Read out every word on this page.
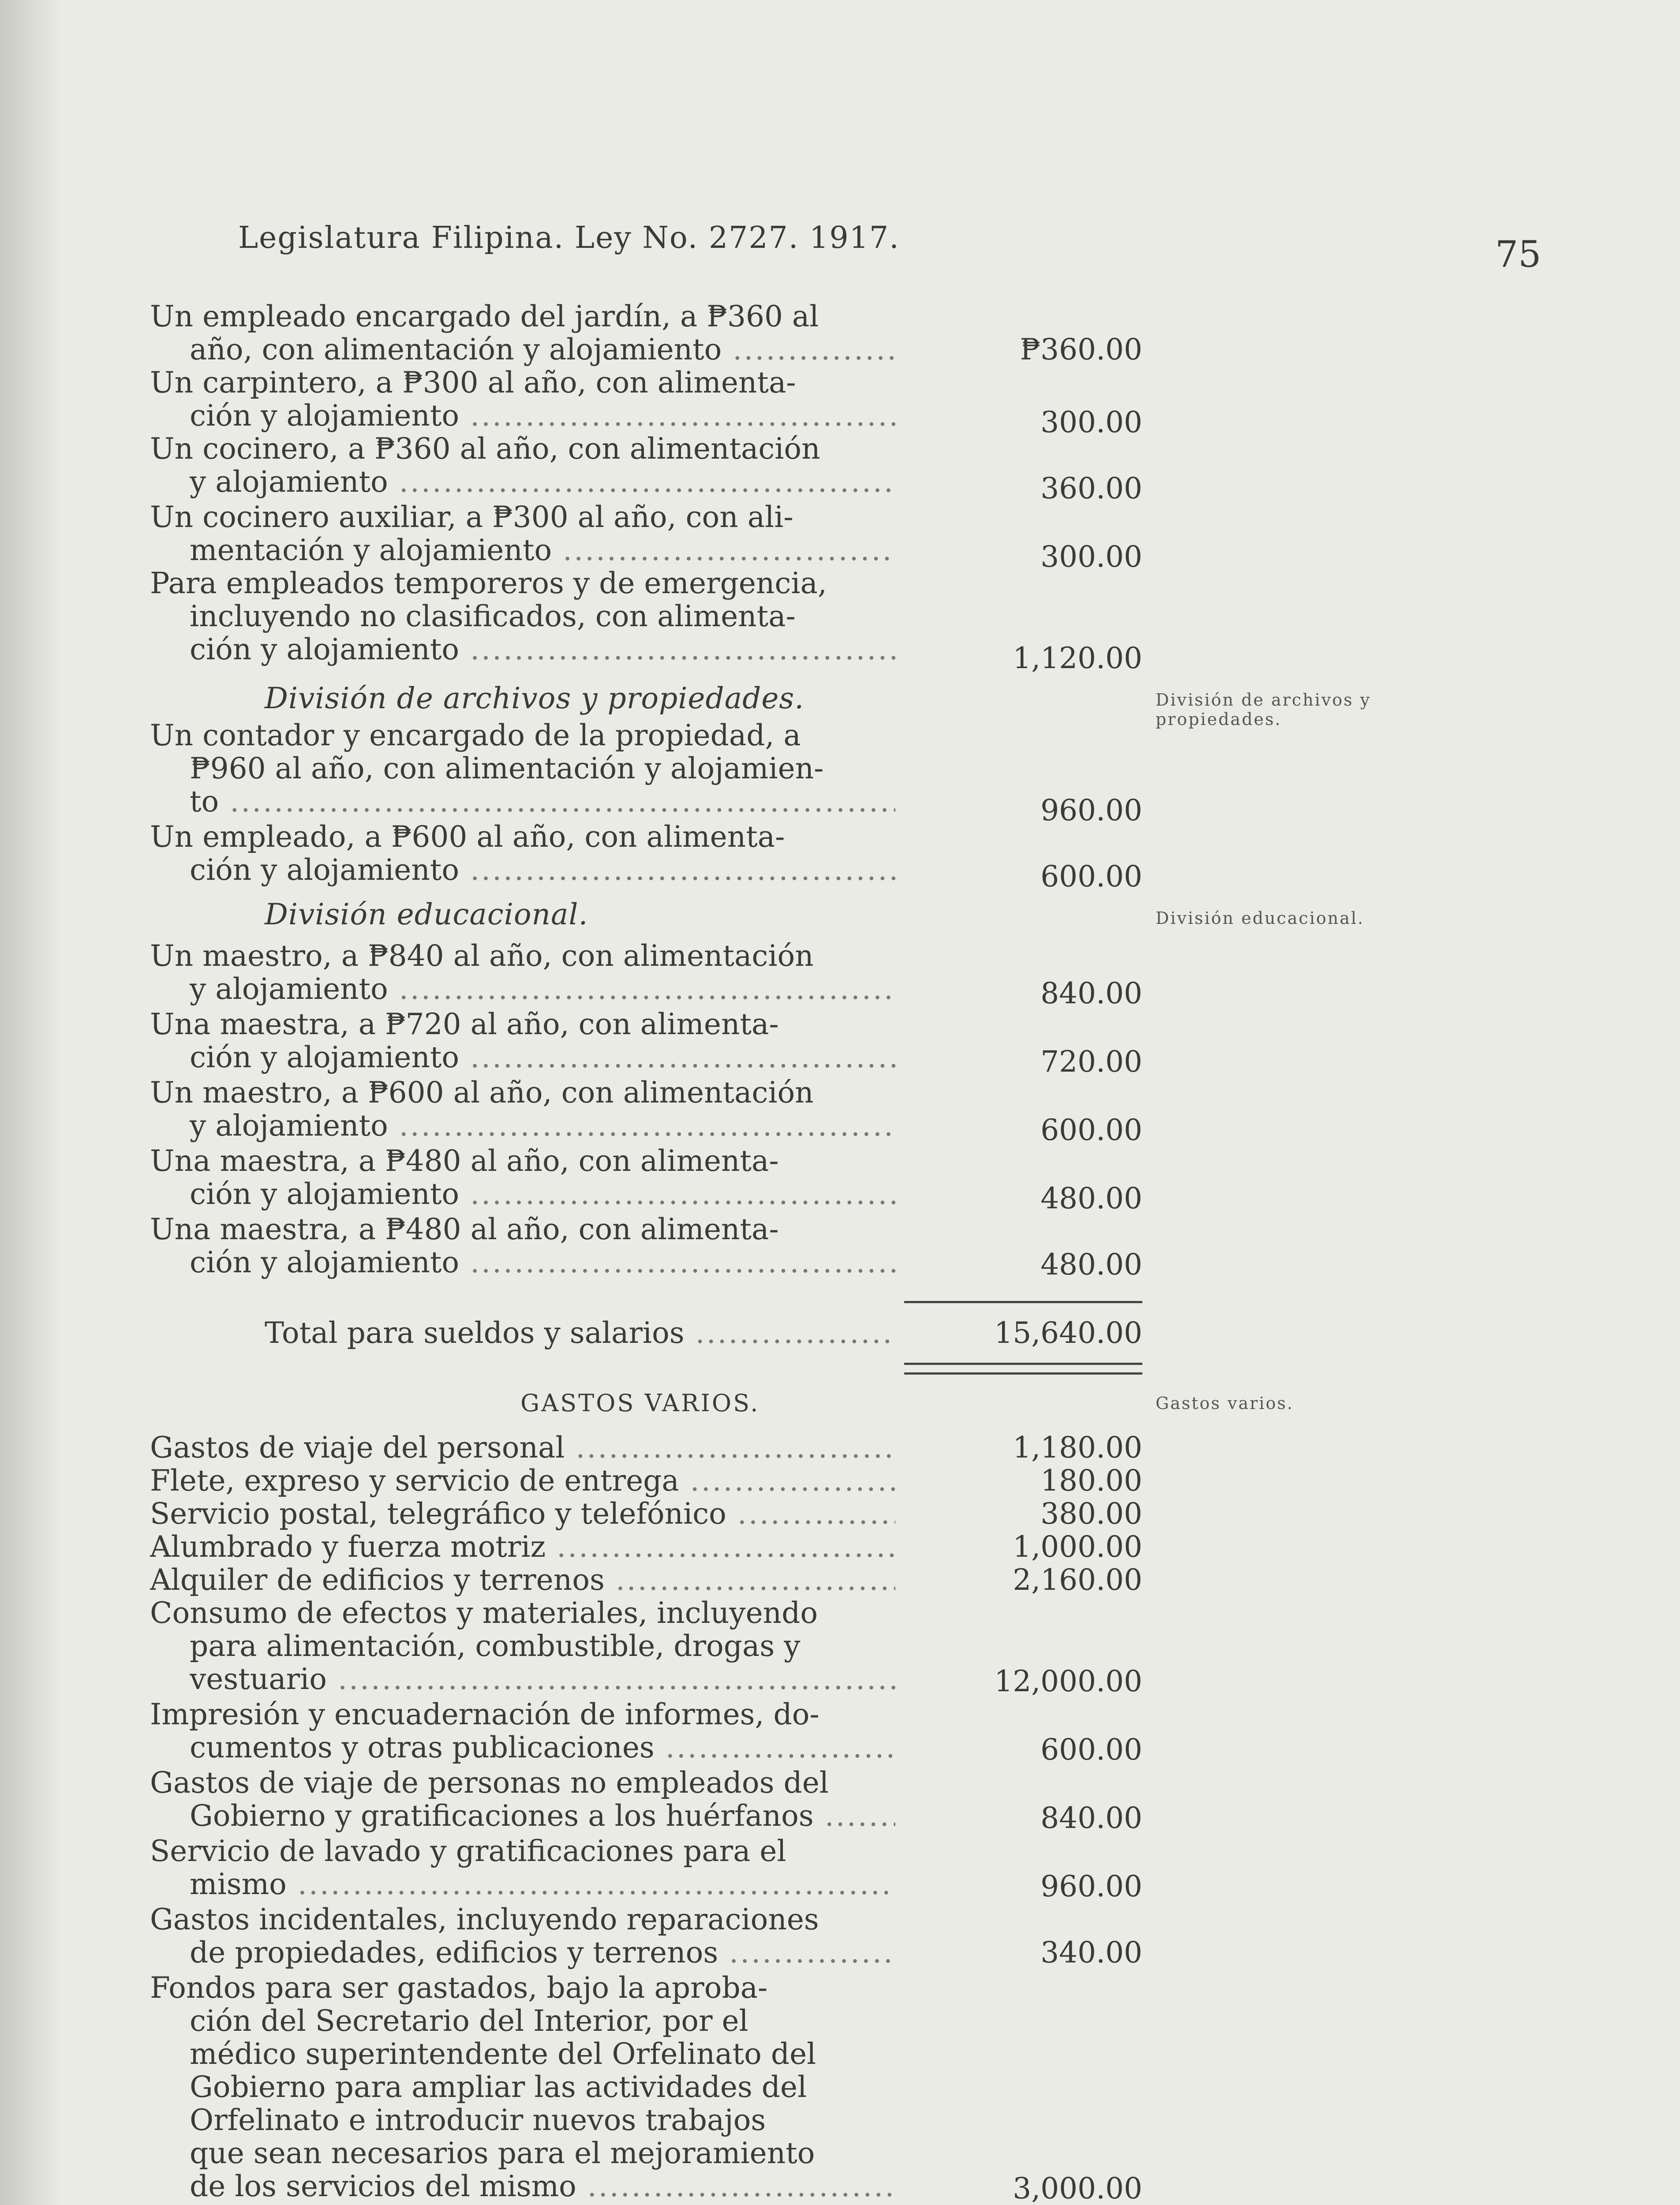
Legislatura Filipina. Ley No. 2727. 1917.	75
Un empleado encargado del jardín, a ₱360 al
año, con alimentación y alojamiento .....	₱360.00
Un carpintero, a ₱300 al año, con alimenta-
ción y alojamiento .....	300.00
Un cocinero, a ₱360 al año, con alimentación
y alojamiento .....	360.00
Un cocinero auxiliar, a ₱300 al año, con ali-
mentación y alojamiento .....	300.00
Para empleados temporeros y de emergencia,
incluyendo no clasificados, con alimenta-
ción y alojamiento .....	1,120.00
División de archivos y propiedades.	División de archivos y propiedades.
Un contador y encargado de la propiedad, a
₱960 al año, con alimentación y alojamien-
to .....	960.00
Un empleado, a ₱600 al año, con alimenta-
ción y alojamiento .....	600.00
División educacional.	División educacional.
Un maestro, a ₱840 al año, con alimentación
y alojamiento .....	840.00
Una maestra, a ₱720 al año, con alimenta-
ción y alojamiento .....	720.00
Un maestro, a ₱600 al año, con alimentación
y alojamiento .....	600.00
Una maestra, a ₱480 al año, con alimenta-
ción y alojamiento .....	480.00
Una maestra, a ₱480 al año, con alimenta-
ción y alojamiento .....	480.00
Total para sueldos y salarios .....	15,640.00
GASTOS VARIOS.	Gastos varios.
Gastos de viaje del personal .....	1,180.00
Flete, expreso y servicio de entrega .....	180.00
Servicio postal, telegráfico y telefónico .....	380.00
Alumbrado y fuerza motriz .....	1,000.00
Alquiler de edificios y terrenos .....	2,160.00
Consumo de efectos y materiales, incluyendo
para alimentación, combustible, drogas y
vestuario .....	12,000.00
Impresión y encuadernación de informes, do-
cumentos y otras publicaciones .....	600.00
Gastos de viaje de personas no empleados del
Gobierno y gratificaciones a los huérfanos .....	840.00
Servicio de lavado y gratificaciones para el
mismo .....	960.00
Gastos incidentales, incluyendo reparaciones
de propiedades, edificios y terrenos .....	340.00
Fondos para ser gastados, bajo la aproba-
ción del Secretario del Interior, por el
médico superintendente del Orfelinato del
Gobierno para ampliar las actividades del
Orfelinato e introducir nuevos trabajos
que sean necesarios para el mejoramiento
de los servicios del mismo .....	3,000.00
